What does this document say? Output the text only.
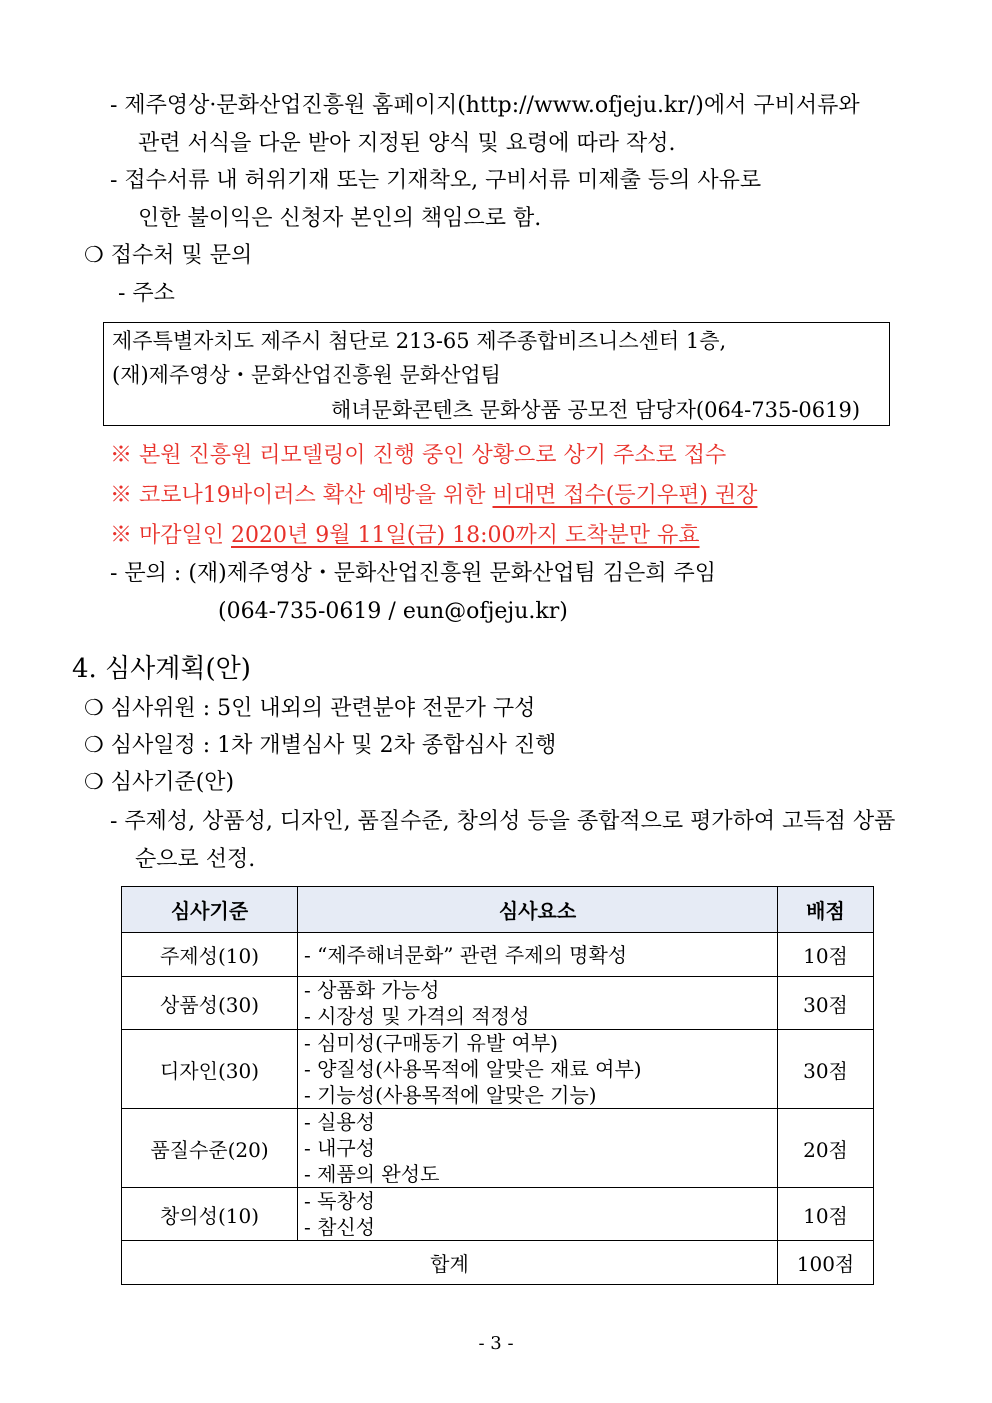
- 제주영상·문화산업진흥원 홈페이지(http://www.ofjeju.kr/)에서 구비서류와
관련 서식을 다운 받아 지정된 양식 및 요령에 따라 작성.
- 접수서류 내 허위기재 또는 기재착오, 구비서류 미제출 등의 사유로
인한 불이익은 신청자 본인의 책임으로 함.
❍ 접수처 및 문의
- 주소
제주특별자치도 제주시 첨단로 213-65 제주종합비즈니스센터 1층,
(재)제주영상・문화산업진흥원 문화산업팀
해녀문화콘텐츠 문화상품 공모전 담당자(064-735-0619)
※ 본원 진흥원 리모델링이 진행 중인 상황으로 상기 주소로 접수
※ 코로나19바이러스 확산 예방을 위한 비대면 접수(등기우편) 권장
※ 마감일인 2020년 9월 11일(금) 18:00까지 도착분만 유효
- 문의 : (재)제주영상・문화산업진흥원 문화산업팀 김은희 주임
(064-735-0619 / eun@ofjeju.kr)
4. 심사계획(안)
❍ 심사위원 : 5인 내외의 관련분야 전문가 구성
❍ 심사일정 : 1차 개별심사 및 2차 종합심사 진행
❍ 심사기준(안)
- 주제성, 상품성, 디자인, 품질수준, 창의성 등을 종합적으로 평가하여 고득점 상품
순으로 선정.
심사기준	심사요소	배점
주제성(10)	- “제주해녀문화” 관련 주제의 명확성	10점
상품성(30)	- 상품화 가능성
- 시장성 및 가격의 적정성	30점
디자인(30)	- 심미성(구매동기 유발 여부)
- 양질성(사용목적에 알맞은 재료 여부)
- 기능성(사용목적에 알맞은 기능)	30점
품질수준(20)	- 실용성
- 내구성
- 제품의 완성도	20점
창의성(10)	- 독창성
- 참신성	10점
합계		100점
- 3 -
